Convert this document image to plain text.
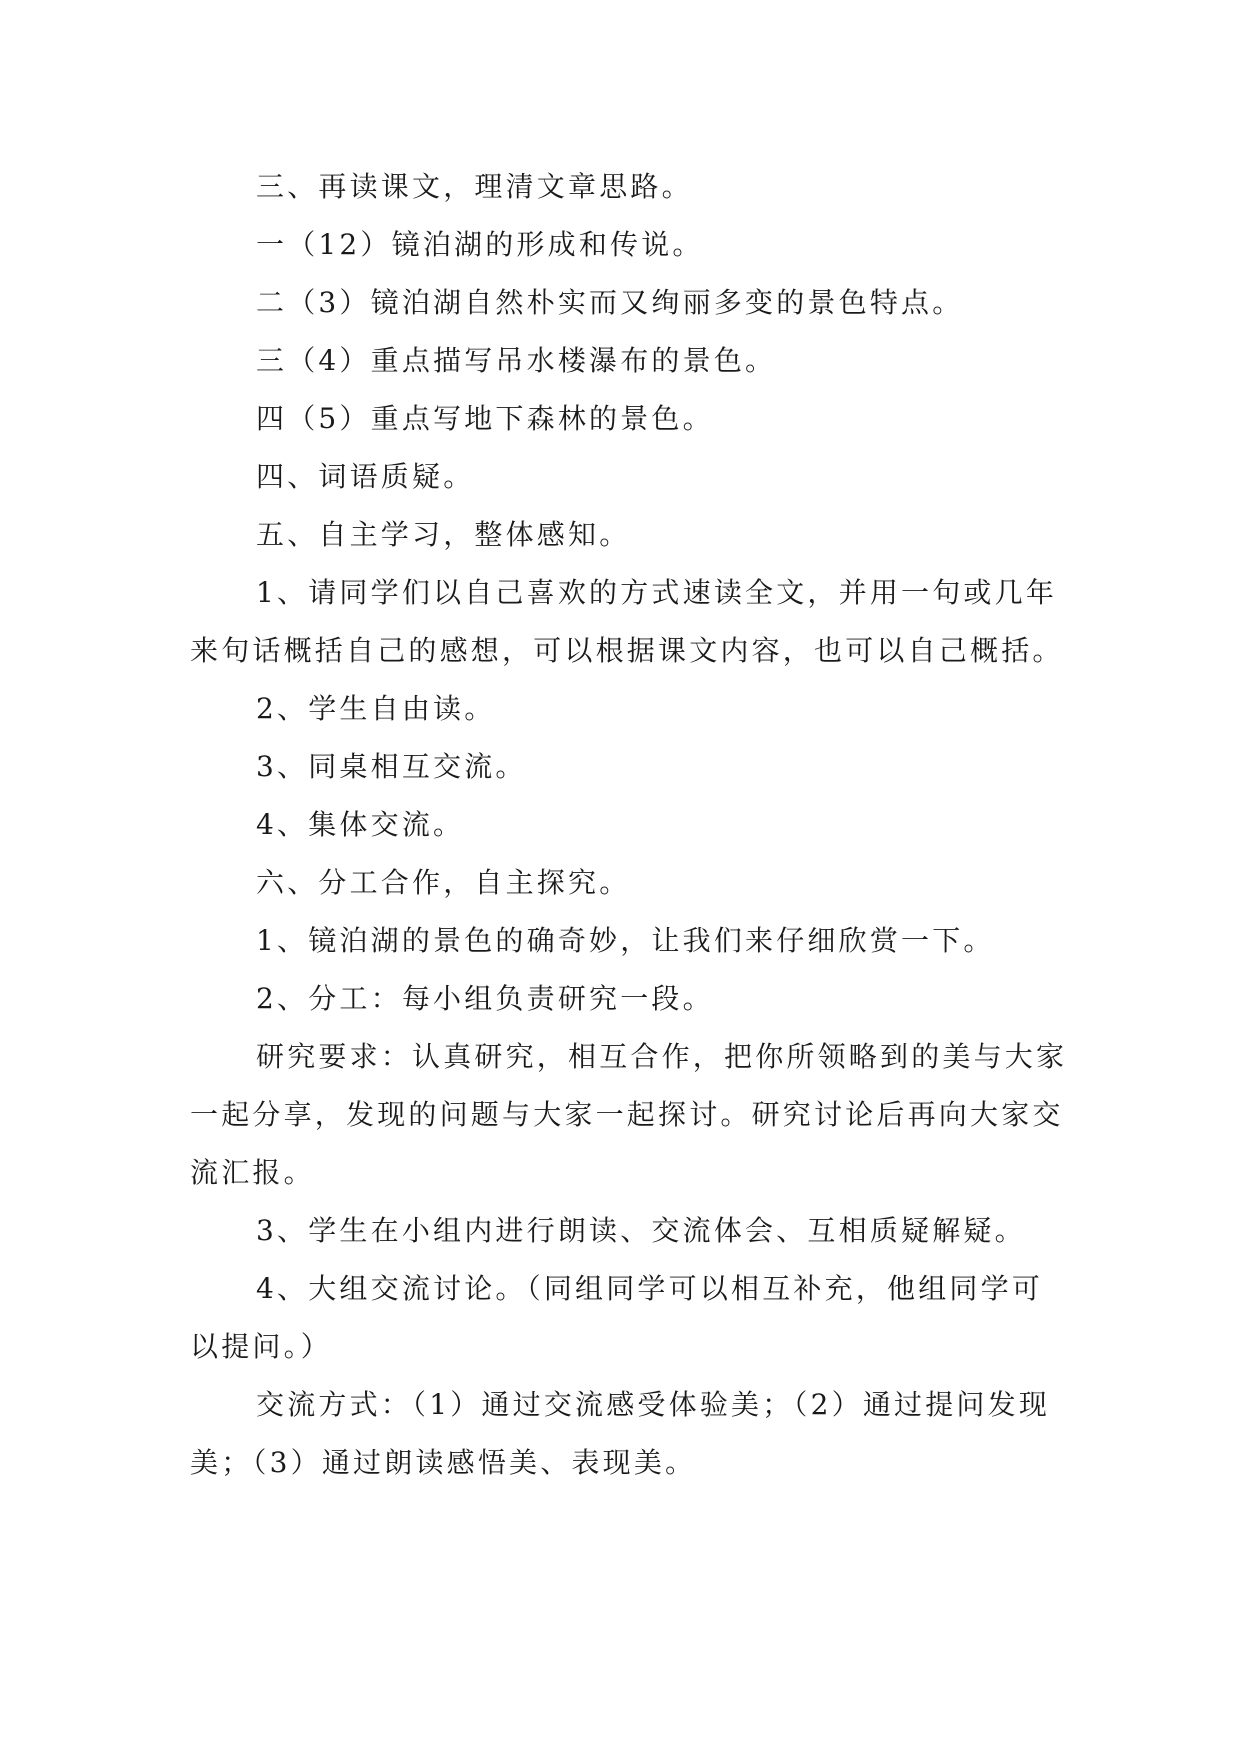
三、再读课文，理清文章思路。

一（12）镜泊湖的形成和传说。

二（3）镜泊湖自然朴实而又绚丽多变的景色特点。

三（4）重点描写吊水楼瀑布的景色。

四（5）重点写地下森林的景色。

四、词语质疑。

五、自主学习，整体感知。

1、请同学们以自己喜欢的方式速读全文，并用一句或几年来句话概括自己的感想，可以根据课文内容，也可以自己概括。

2、学生自由读。

3、同桌相互交流。

4、集体交流。

六、分工合作，自主探究。

1、镜泊湖的景色的确奇妙，让我们来仔细欣赏一下。

2、分工：每小组负责研究一段。

研究要求：认真研究，相互合作，把你所领略到的美与大家一起分享，发现的问题与大家一起探讨。研究讨论后再向大家交流汇报。

3、学生在小组内进行朗读、交流体会、互相质疑解疑。

4、大组交流讨论。（同组同学可以相互补充，他组同学可以提问。）

交流方式：（1）通过交流感受体验美；（2）通过提问发现美；（3）通过朗读感悟美、表现美。
